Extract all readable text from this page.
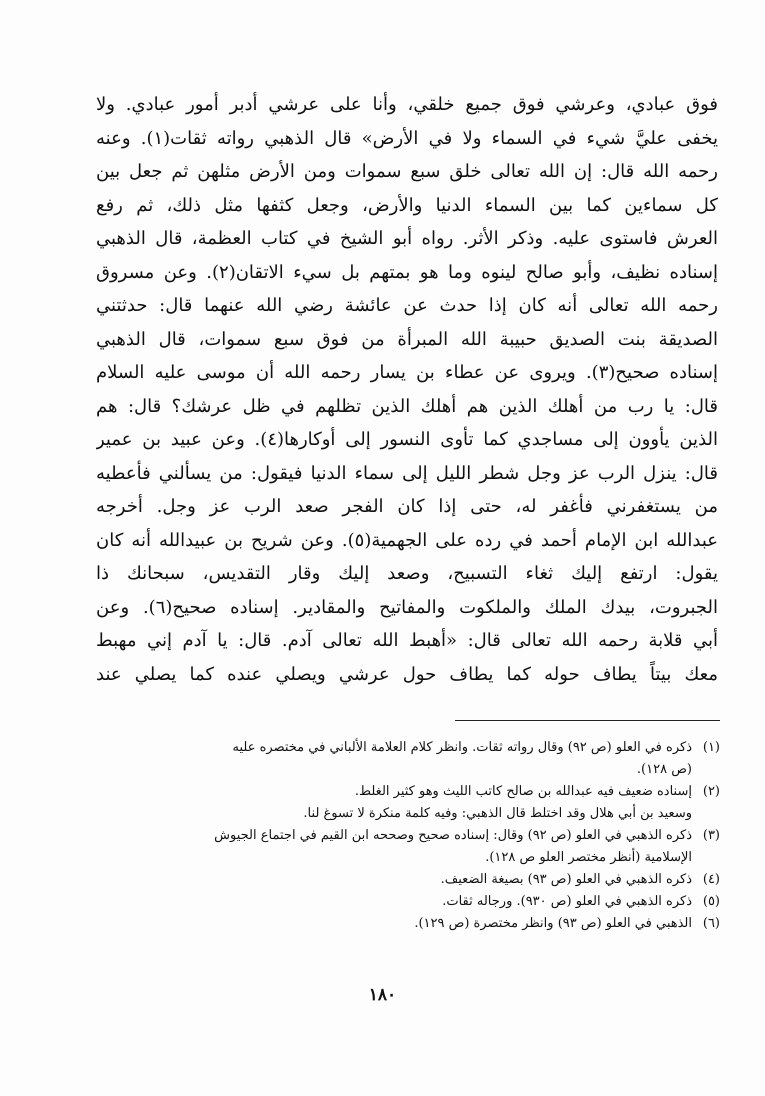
فوق عبادي، وعرشي فوق جميع خلقي، وأنا على عرشي أدبر أمور عبادي. ولا
يخفى عليَّ شيء في السماء ولا في الأرض» قال الذهبي رواته ثقات(١). وعنه
رحمه الله قال: إن الله تعالى خلق سبع سموات ومن الأرض مثلهن ثم جعل بين
كل سماءين كما بين السماء الدنيا والأرض، وجعل كثفها مثل ذلك، ثم رفع
العرش فاستوى عليه. وذكر الأثر. رواه أبو الشيخ في كتاب العظمة، قال الذهبي
إسناده نظيف، وأبو صالح لينوه وما هو بمتهم بل سيء الاتقان(٢). وعن مسروق
رحمه الله تعالى أنه كان إذا حدث عن عائشة رضي الله عنهما قال: حدثتني
الصديقة بنت الصديق حبيبة الله المبرأة من فوق سبع سموات، قال الذهبي
إسناده صحيح(٣). ويروى عن عطاء بن يسار رحمه الله أن موسى عليه السلام
قال: يا رب من أهلك الذين هم أهلك الذين تظلهم في ظل عرشك؟ قال: هم
الذين يأوون إلى مساجدي كما تأوى النسور إلى أوكارها(٤). وعن عبيد بن عمير
قال: ينزل الرب عز وجل شطر الليل إلى سماء الدنيا فيقول: من يسألني فأعطيه
من يستغفرني فأغفر له، حتى إذا كان الفجر صعد الرب عز وجل. أخرجه
عبدالله ابن الإمام أحمد في رده على الجهمية(٥). وعن شريح بن عبيدالله أنه كان
يقول: ارتفع إليك ثغاء التسبيح، وصعد إليك وقار التقديس، سبحانك ذا
الجبروت، بيدك الملك والملكوت والمفاتيح والمقادير. إسناده صحيح(٦). وعن
أبي قلابة رحمه الله تعالى قال: «أهبط الله تعالى آدم. قال: يا آدم إني مهبط
معك بيتاً يطاف حوله كما يطاف حول عرشي ويصلي عنده كما يصلي عند
(١)
ذكره في العلو (ص ٩٢) وقال رواته ثقات. وانظر كلام العلامة الألباني في مختصره عليه
(ص ١٢٨).
(٢)
إسناده ضعيف فيه عبدالله بن صالح كاتب الليث وهو كثير الغلط.
وسعيد بن أبي هلال وقد اختلط قال الذهبي: وفيه كلمة منكرة لا تسوغ لنا.
(٣)
ذكره الذهبي في العلو (ص ٩٢) وقال: إسناده صحيح وصححه ابن القيم في اجتماع الجيوش
الإسلامية (أنظر مختصر العلو ص ١٢٨).
(٤)
ذكره الذهبي في العلو (ص ٩٣) بصيغة الضعيف.
(٥)
ذكره الذهبي في العلو (ص ٩٣٠). ورجاله ثقات.
(٦)
الذهبي في العلو (ص ٩٣) وانظر مختصرة (ص ١٢٩).
١٨٠
